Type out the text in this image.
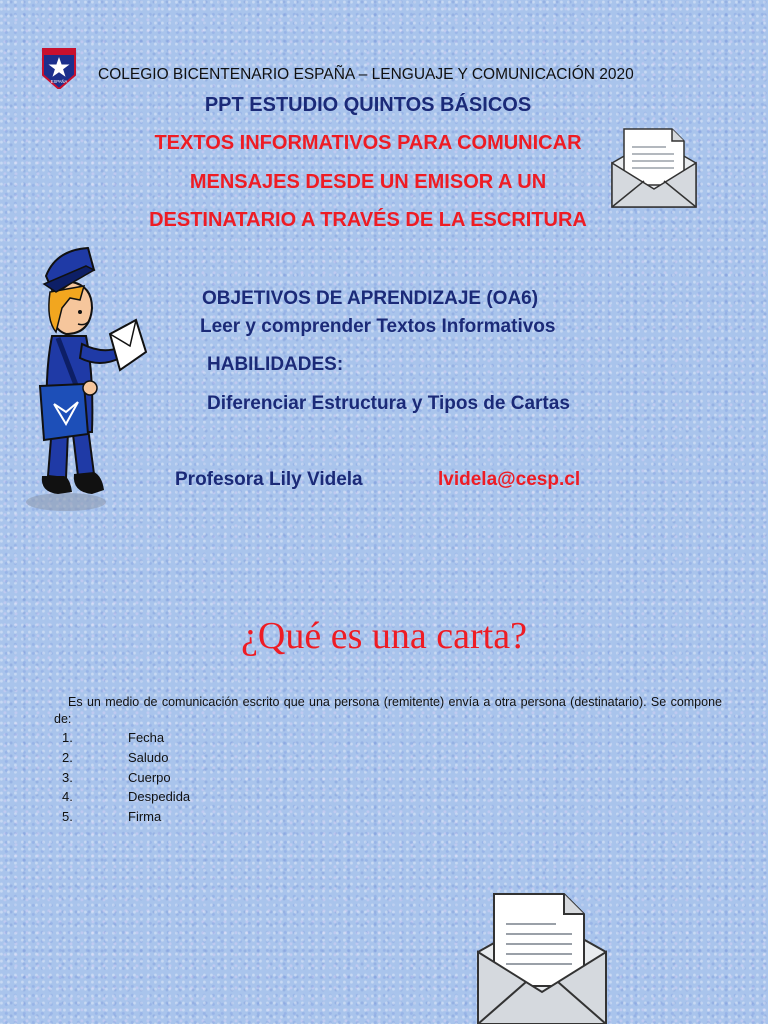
ESPAÑA COLEGIO BICENTENARIO ESPAÑA – LENGUAJE Y COMUNICACIÓN 2020
PPT ESTUDIO QUINTOS BÁSICOS
TEXTOS INFORMATIVOS PARA COMUNICAR
MENSAJES DESDE UN EMISOR A UN
DESTINATARIO A TRAVÉS DE LA ESCRITURA
OBJETIVOS DE APRENDIZAJE (OA6)
Leer y comprender Textos Informativos
HABILIDADES:
Diferenciar Estructura y Tipos de Cartas
Profesora Lily Videla	lvidela@cesp.cl
¿Qué es una carta?
Es un medio de comunicación escrito que una persona (remitente) envía a otra persona (destinatario). Se compone de:
1.	Fecha
2.	Saludo
3.	Cuerpo
4.	Despedida
5.	Firma
